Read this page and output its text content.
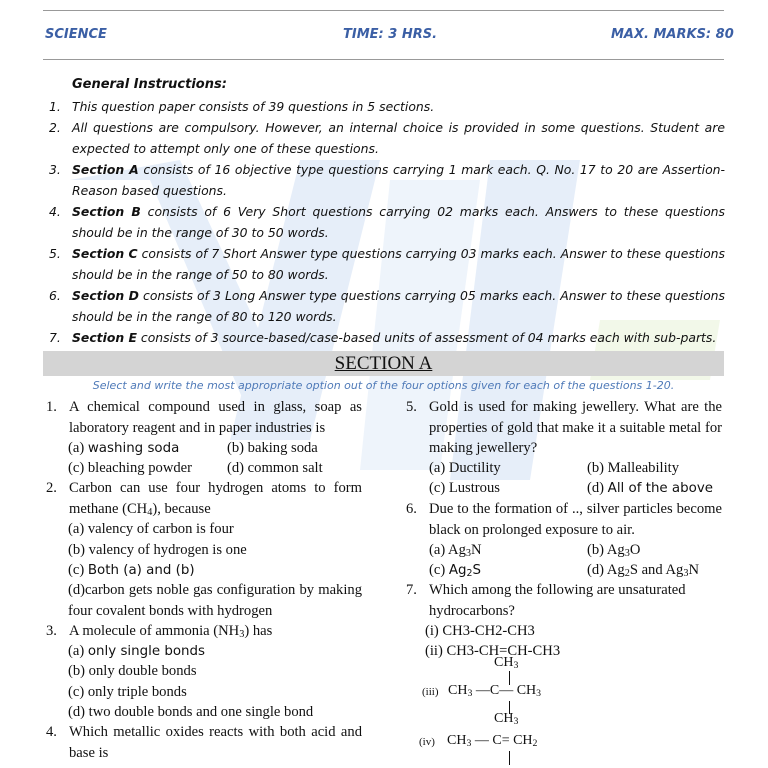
SCIENCE	TIME: 3 HRS.	MAX. MARKS: 80
General Instructions:
1. This question paper consists of 39 questions in 5 sections.
2. All questions are compulsory. However, an internal choice is provided in some questions. Student are expected to attempt only one of these questions.
3. Section A consists of 16 objective type questions carrying 1 mark each. Q. No. 17 to 20 are Assertion-Reason based questions.
4. Section B consists of 6 Very Short questions carrying 02 marks each. Answers to these questions should be in the range of 30 to 50 words.
5. Section C consists of 7 Short Answer type questions carrying 03 marks each. Answer to these questions should be in the range of 50 to 80 words.
6. Section D consists of 3 Long Answer type questions carrying 05 marks each. Answer to these questions should be in the range of 80 to 120 words.
7. Section E consists of 3 source-based/case-based units of assessment of 04 marks each with sub-parts.
SECTION A
Select and write the most appropriate option out of the four options given for each of the questions 1-20.
1. A chemical compound used in glass, soap as laboratory reagent and in paper industries is
(a) washing soda	(b) baking soda
(c) bleaching powder (d) common salt
2. Carbon can use four hydrogen atoms to form methane $(CH_4)$, because
(a) valency of carbon is four
(b) valency of hydrogen is one
(c) Both (a) and (b)
(d)carbon gets noble gas configuration by making four covalent bonds with hydrogen
3. A molecule of ammonia $(NH_3)$ has
(a) only single bonds
(b) only double bonds
(c) only triple bonds
(d) two double bonds and one single bond
4. Which metallic oxides reacts with both acid and base is
5. Gold is used for making jewellery. What are the properties of gold that make it a suitable metal for making jewellery?
(a) Ductility	(b) Malleability
(c) Lustrous	(d) All of the above
6. Due to the formation of .., silver particles become black on prolonged exposure to air.
(a) $Ag_3N$	(b) $Ag_3O$
(c) $Ag_2S$	(d) $Ag_2S$ and $Ag_3N$
7. Which among the following are unsaturated hydrocarbons?
(i) CH3-CH2-CH3
(ii) CH3-CH=CH-CH3
$CH_3$
(iii) $CH_3$ —C— $CH_3$
$CH_3$
(iv) $CH_3$ — $C= CH_2$
